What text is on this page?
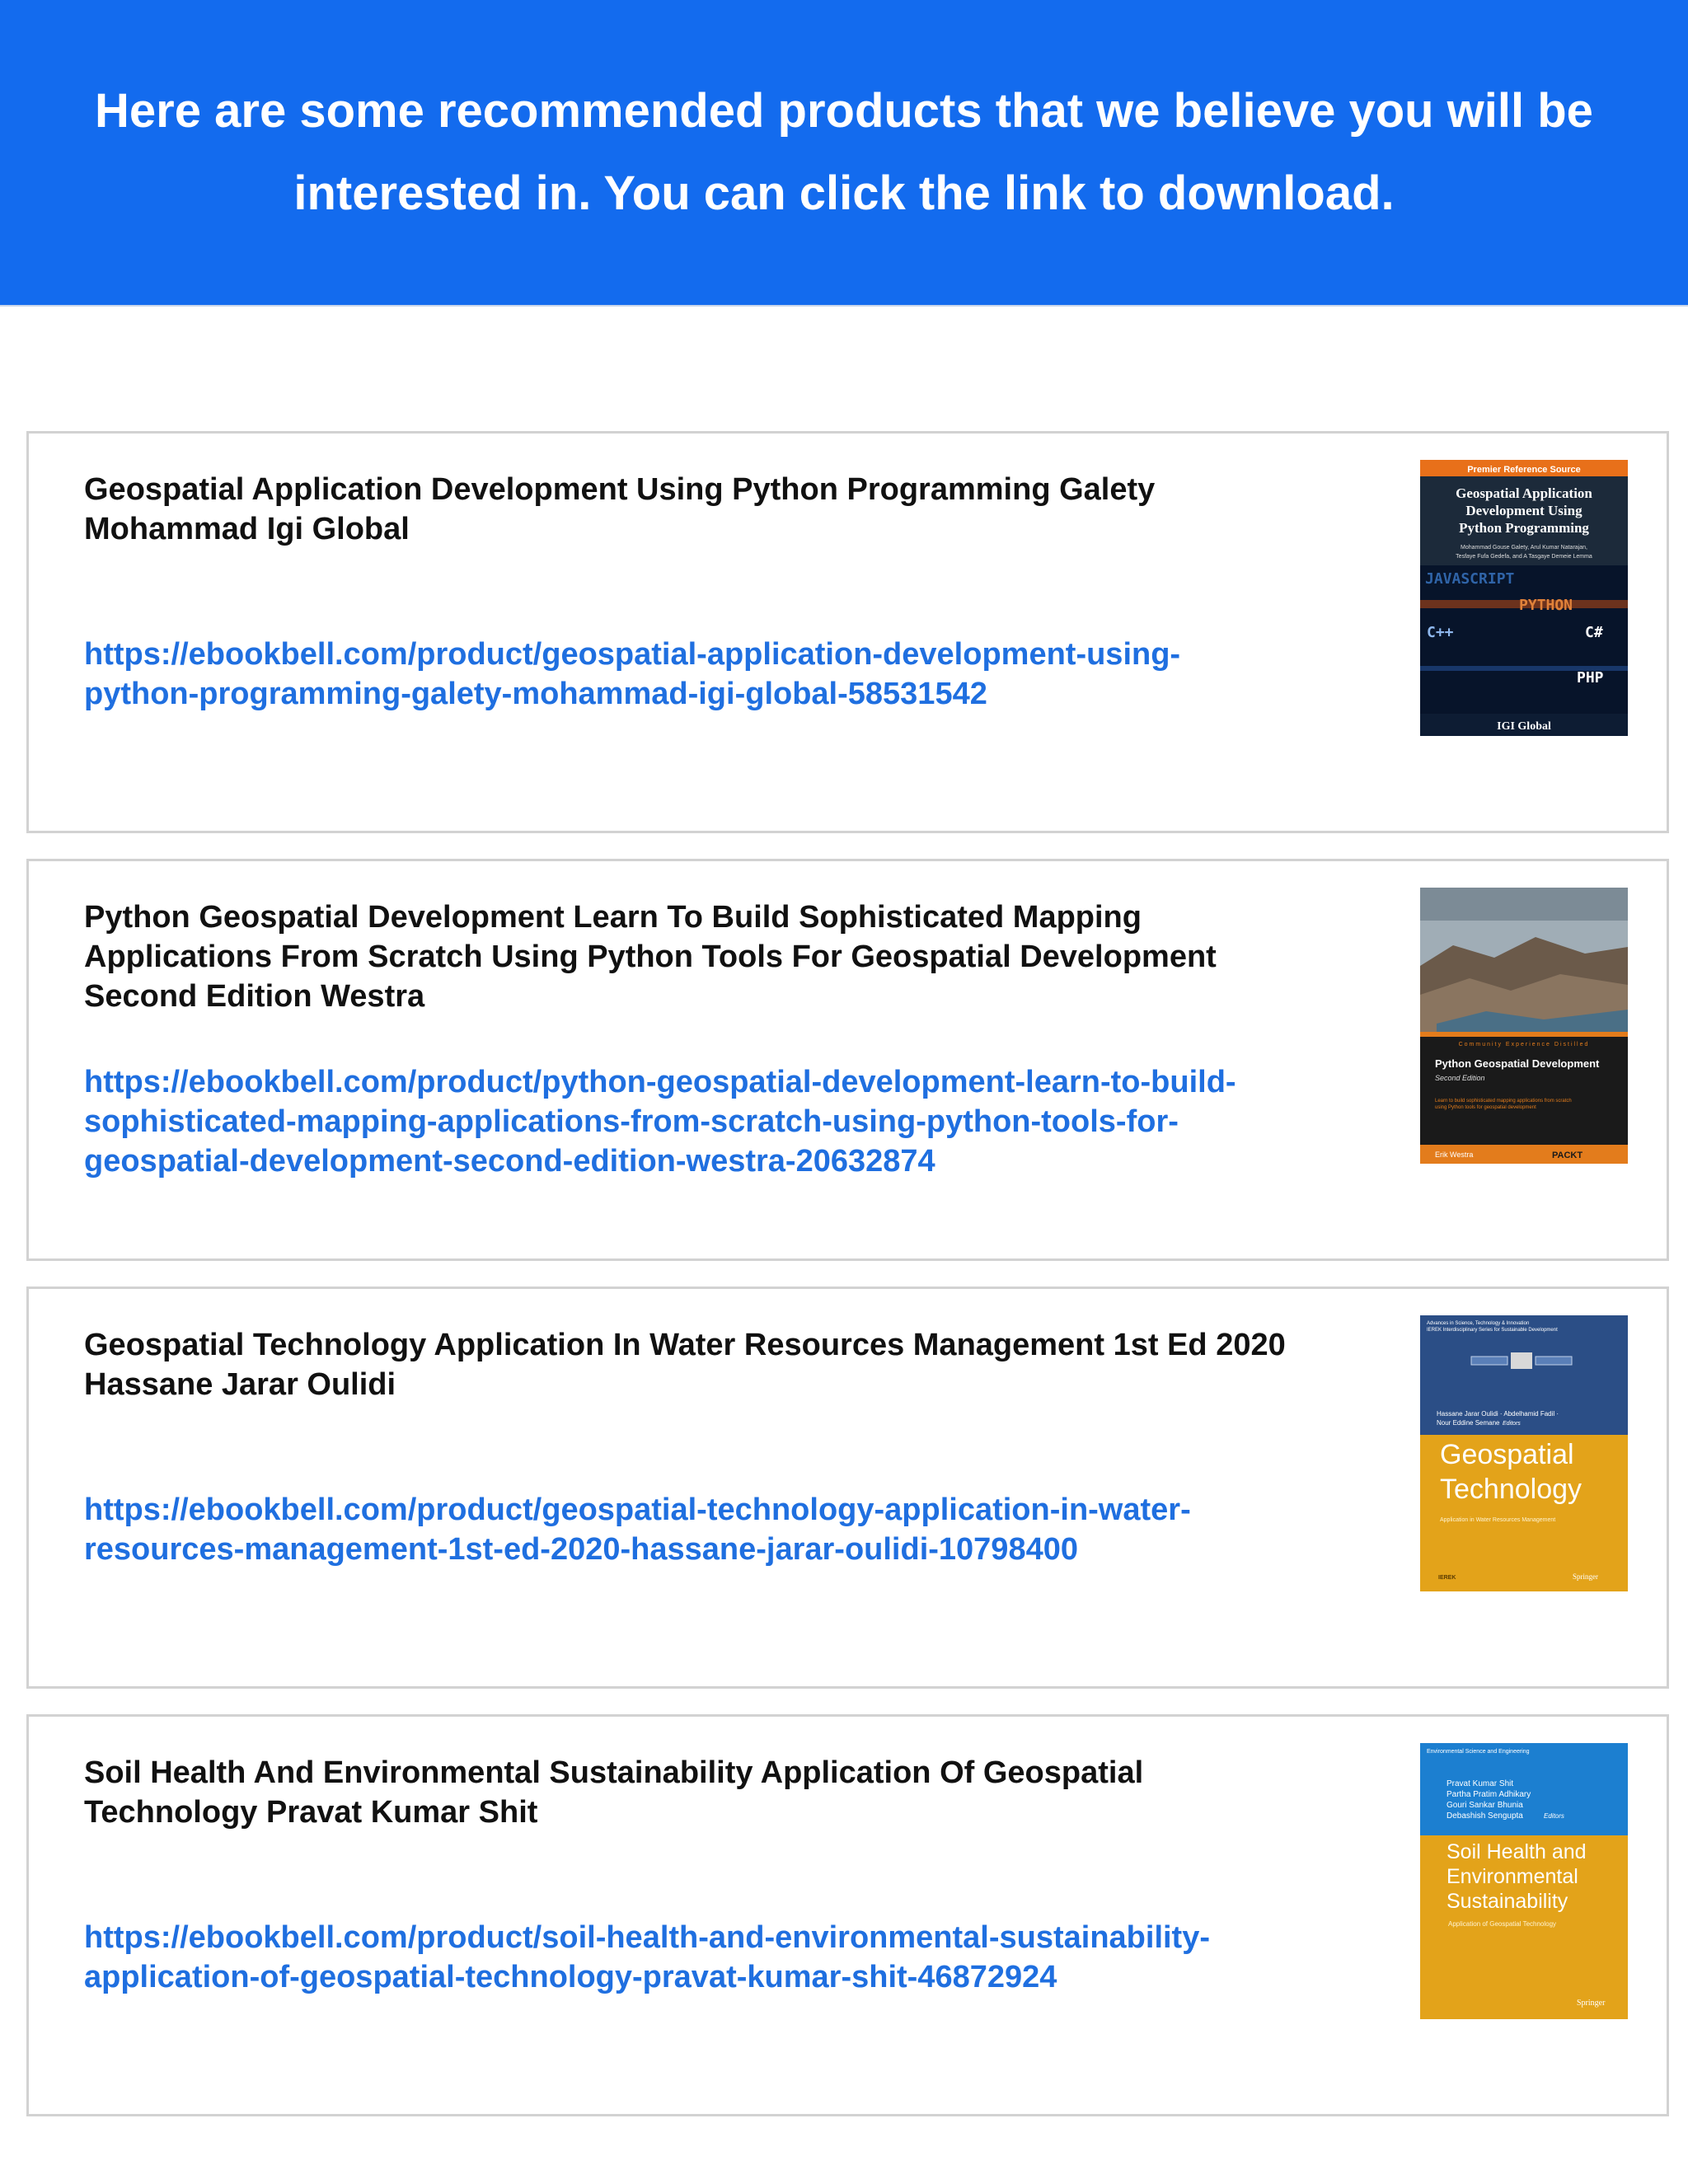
Here are some recommended products that we believe you will be interested in. You can click the link to download.

Geospatial Application Development Using Python Programming Galety Mohammad Igi Global

https://ebookbell.com/product/geospatial-application-development-using-python-programming-galety-mohammad-igi-global-58531542
Premier Reference Source
Geospatial Application
Development Using
Python Programming
Mohammad Gouse Galety, Arul Kumar Natarajan,
Tesfaye Fufa Gedefa, and A Tasgaye Demeie Lemma
JAVASCRIPT
PYTHON
C#
C++
PHP
IGI Global

Python Geospatial Development Learn To Build Sophisticated Mapping Applications From Scratch Using Python Tools For Geospatial Development Second Edition Westra

https://ebookbell.com/product/python-geospatial-development-learn-to-build-sophisticated-mapping-applications-from-scratch-using-python-tools-for-geospatial-development-second-edition-westra-20632874
Community Experience Distilled
Python Geospatial Development
Second Edition
Learn to build sophisticated mapping applications from scratch
using Python tools for geospatial development
Erik Westra	PACKT

Geospatial Technology Application In Water Resources Management 1st Ed 2020 Hassane Jarar Oulidi

https://ebookbell.com/product/geospatial-technology-application-in-water-resources-management-1st-ed-2020-hassane-jarar-oulidi-10798400
Advances in Science, Technology & Innovation
IEREK Interdisciplinary Series for Sustainable Development
Hassane Jarar Oulidi · Abdelhamid Fadil ·
Nour Eddine Semane Editors
Geospatial
Technology
Application in Water Resources Management
IEREK	Springer

Soil Health And Environmental Sustainability Application Of Geospatial Technology Pravat Kumar Shit

https://ebookbell.com/product/soil-health-and-environmental-sustainability-application-of-geospatial-technology-pravat-kumar-shit-46872924
Environmental Science and Engineering
Pravat Kumar Shit
Partha Pratim Adhikary
Gouri Sankar Bhunia
Debashish Sengupta	Editors
Soil Health and
Environmental
Sustainability
Application of Geospatial Technology
Springer
